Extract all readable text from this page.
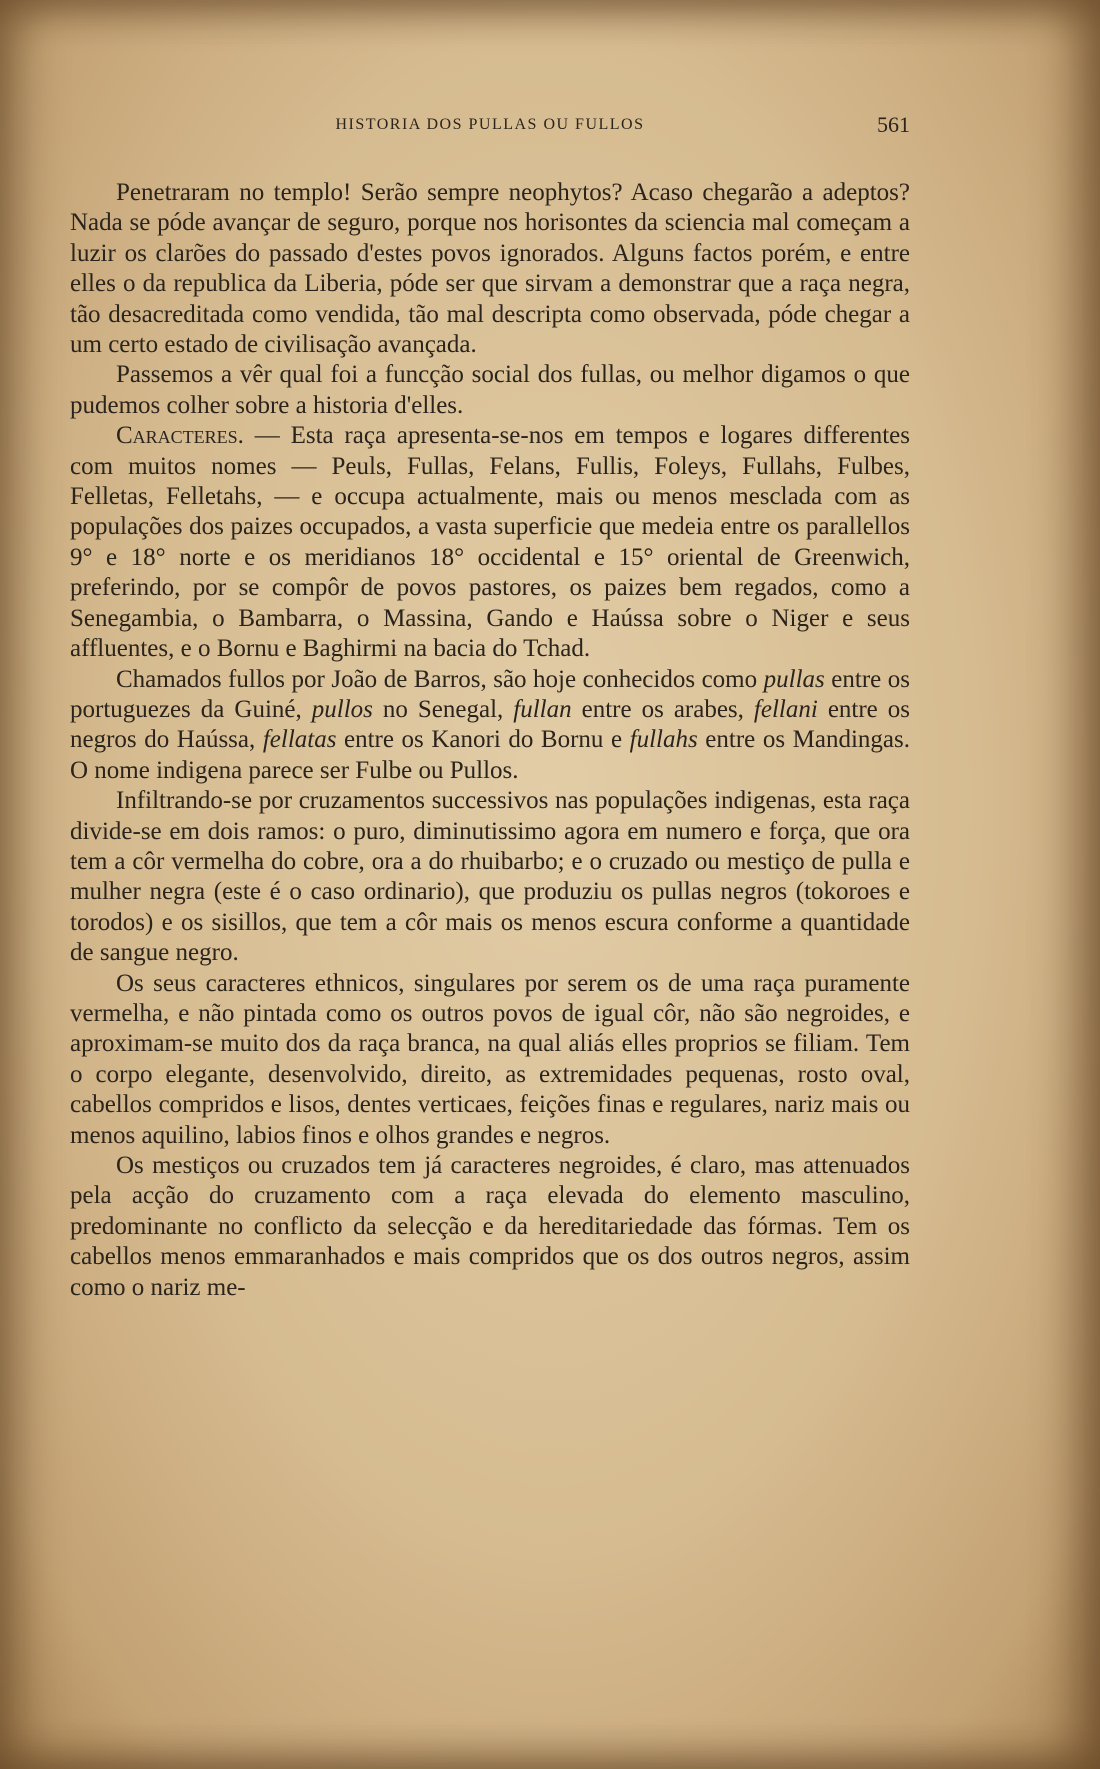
HISTORIA DOS PULLAS OU FULLOS	561

Penetraram no templo! Serão sempre neophytos? Acaso chegarão a adeptos? Nada se póde avançar de seguro, porque nos horisontes da sciencia mal começam a luzir os clarões do passado d'estes povos ignorados. Alguns factos porém, e entre elles o da republica da Liberia, póde ser que sirvam a demonstrar que a raça negra, tão desacreditada como vendida, tão mal descripta como observada, póde chegar a um certo estado de civilisação avançada.

Passemos a vêr qual foi a funcção social dos fullas, ou melhor digamos o que pudemos colher sobre a historia d'elles.

Caracteres. — Esta raça apresenta-se-nos em tempos e logares differentes com muitos nomes — Peuls, Fullas, Felans, Fullis, Foleys, Fullahs, Fulbes, Felletas, Felletahs, — e occupa actualmente, mais ou menos mesclada com as populações dos paizes occupados, a vasta superficie que medeia entre os parallellos 9° e 18° norte e os meridianos 18° occidental e 15° oriental de Greenwich, preferindo, por se compôr de povos pastores, os paizes bem regados, como a Senegambia, o Bambarra, o Massina, Gando e Haússa sobre o Niger e seus affluentes, e o Bornu e Baghirmi na bacia do Tchad.

Chamados fullos por João de Barros, são hoje conhecidos como pullas entre os portuguezes da Guiné, pullos no Senegal, fullan entre os arabes, fellani entre os negros do Haússa, fellatas entre os Kanori do Bornu e fullahs entre os Mandingas. O nome indigena parece ser Fulbe ou Pullos.

Infiltrando-se por cruzamentos successivos nas populações indigenas, esta raça divide-se em dois ramos: o puro, diminutissimo agora em numero e força, que ora tem a côr vermelha do cobre, ora a do rhuibarbo; e o cruzado ou mestiço de pulla e mulher negra (este é o caso ordinario), que produziu os pullas negros (tokoroes e torodos) e os sisillos, que tem a côr mais os menos escura conforme a quantidade de sangue negro.

Os seus caracteres ethnicos, singulares por serem os de uma raça puramente vermelha, e não pintada como os outros povos de igual côr, não são negroides, e aproximam-se muito dos da raça branca, na qual aliás elles proprios se filiam. Tem o corpo elegante, desenvolvido, direito, as extremidades pequenas, rosto oval, cabellos compridos e lisos, dentes verticaes, feições finas e regulares, nariz mais ou menos aquilino, labios finos e olhos grandes e negros.

Os mestiços ou cruzados tem já caracteres negroides, é claro, mas attenuados pela acção do cruzamento com a raça elevada do elemento masculino, predominante no conflicto da selecção e da hereditariedade das fórmas. Tem os cabellos menos emmaranhados e mais compridos que os dos outros negros, assim como o nariz me-
